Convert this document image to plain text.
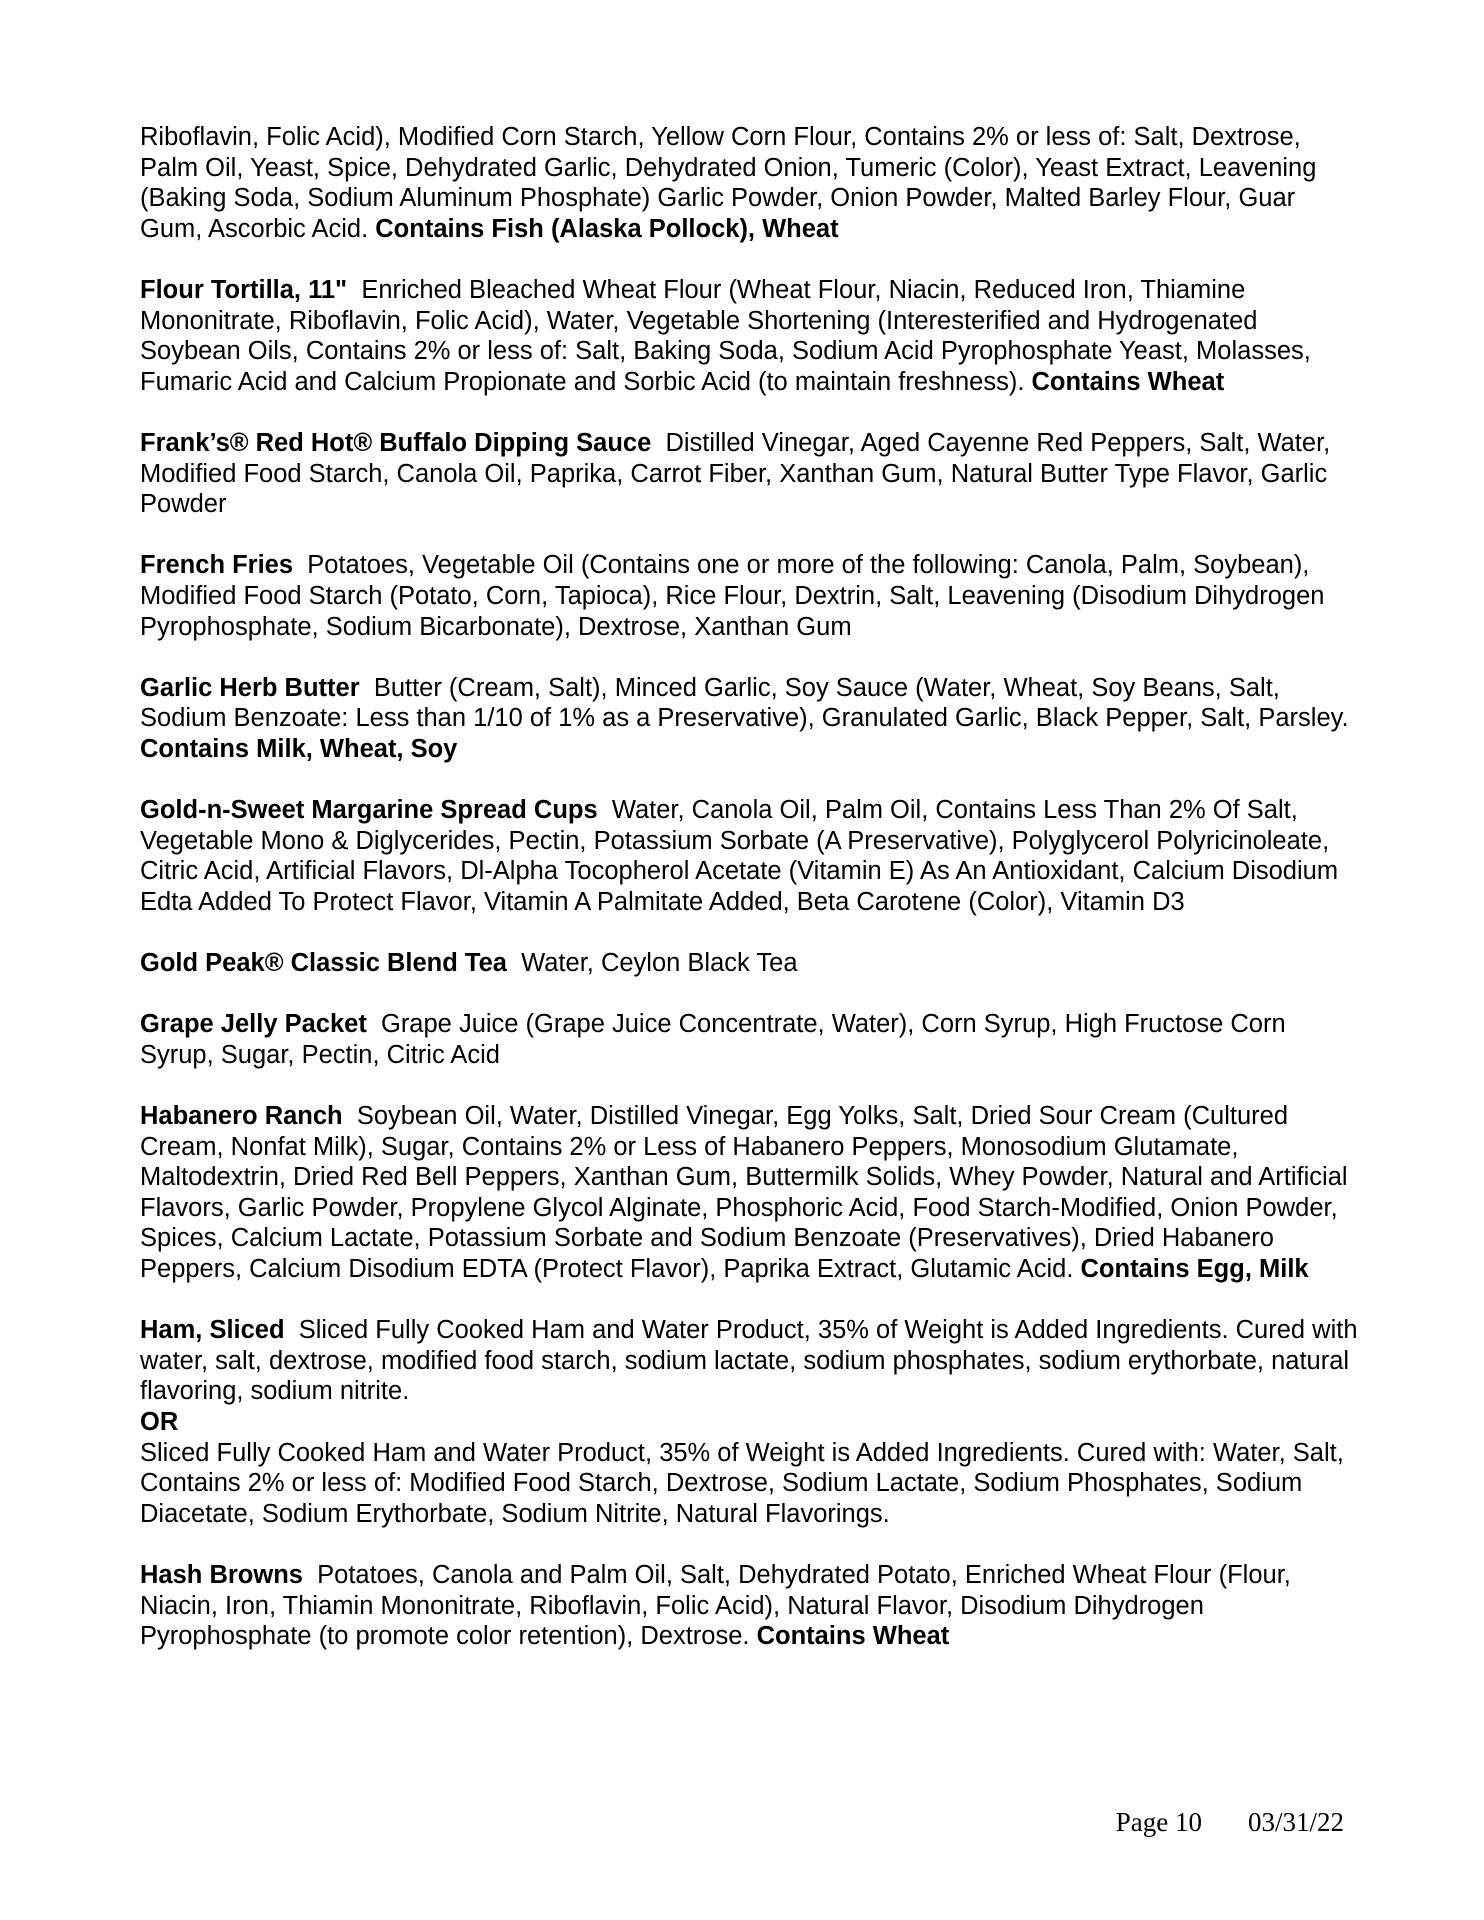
Riboflavin, Folic Acid), Modified Corn Starch, Yellow Corn Flour, Contains 2% or less of: Salt, Dextrose, Palm Oil, Yeast, Spice, Dehydrated Garlic, Dehydrated Onion, Tumeric (Color), Yeast Extract, Leavening (Baking Soda, Sodium Aluminum Phosphate) Garlic Powder, Onion Powder, Malted Barley Flour, Guar Gum, Ascorbic Acid. Contains Fish (Alaska Pollock), Wheat

Flour Tortilla, 11" Enriched Bleached Wheat Flour (Wheat Flour, Niacin, Reduced Iron, Thiamine Mononitrate, Riboflavin, Folic Acid), Water, Vegetable Shortening (Interesterified and Hydrogenated Soybean Oils, Contains 2% or less of: Salt, Baking Soda, Sodium Acid Pyrophosphate Yeast, Molasses, Fumaric Acid and Calcium Propionate and Sorbic Acid (to maintain freshness). Contains Wheat

Frank’s® Red Hot® Buffalo Dipping Sauce Distilled Vinegar, Aged Cayenne Red Peppers, Salt, Water, Modified Food Starch, Canola Oil, Paprika, Carrot Fiber, Xanthan Gum, Natural Butter Type Flavor, Garlic Powder

French Fries Potatoes, Vegetable Oil (Contains one or more of the following: Canola, Palm, Soybean), Modified Food Starch (Potato, Corn, Tapioca), Rice Flour, Dextrin, Salt, Leavening (Disodium Dihydrogen Pyrophosphate, Sodium Bicarbonate), Dextrose, Xanthan Gum

Garlic Herb Butter Butter (Cream, Salt), Minced Garlic, Soy Sauce (Water, Wheat, Soy Beans, Salt, Sodium Benzoate: Less than 1/10 of 1% as a Preservative), Granulated Garlic, Black Pepper, Salt, Parsley. Contains Milk, Wheat, Soy

Gold-n-Sweet Margarine Spread Cups Water, Canola Oil, Palm Oil, Contains Less Than 2% Of Salt, Vegetable Mono & Diglycerides, Pectin, Potassium Sorbate (A Preservative), Polyglycerol Polyricinoleate, Citric Acid, Artificial Flavors, Dl-Alpha Tocopherol Acetate (Vitamin E) As An Antioxidant, Calcium Disodium Edta Added To Protect Flavor, Vitamin A Palmitate Added, Beta Carotene (Color), Vitamin D3

Gold Peak® Classic Blend Tea Water, Ceylon Black Tea

Grape Jelly Packet Grape Juice (Grape Juice Concentrate, Water), Corn Syrup, High Fructose Corn Syrup, Sugar, Pectin, Citric Acid

Habanero Ranch Soybean Oil, Water, Distilled Vinegar, Egg Yolks, Salt, Dried Sour Cream (Cultured Cream, Nonfat Milk), Sugar, Contains 2% or Less of Habanero Peppers, Monosodium Glutamate, Maltodextrin, Dried Red Bell Peppers, Xanthan Gum, Buttermilk Solids, Whey Powder, Natural and Artificial Flavors, Garlic Powder, Propylene Glycol Alginate, Phosphoric Acid, Food Starch-Modified, Onion Powder, Spices, Calcium Lactate, Potassium Sorbate and Sodium Benzoate (Preservatives), Dried Habanero Peppers, Calcium Disodium EDTA (Protect Flavor), Paprika Extract, Glutamic Acid. Contains Egg, Milk

Ham, Sliced Sliced Fully Cooked Ham and Water Product, 35% of Weight is Added Ingredients. Cured with water, salt, dextrose, modified food starch, sodium lactate, sodium phosphates, sodium erythorbate, natural flavoring, sodium nitrite.
OR
Sliced Fully Cooked Ham and Water Product, 35% of Weight is Added Ingredients. Cured with: Water, Salt, Contains 2% or less of: Modified Food Starch, Dextrose, Sodium Lactate, Sodium Phosphates, Sodium Diacetate, Sodium Erythorbate, Sodium Nitrite, Natural Flavorings.

Hash Browns Potatoes, Canola and Palm Oil, Salt, Dehydrated Potato, Enriched Wheat Flour (Flour, Niacin, Iron, Thiamin Mononitrate, Riboflavin, Folic Acid), Natural Flavor, Disodium Dihydrogen Pyrophosphate (to promote color retention), Dextrose. Contains Wheat

Page 10 03/31/22
